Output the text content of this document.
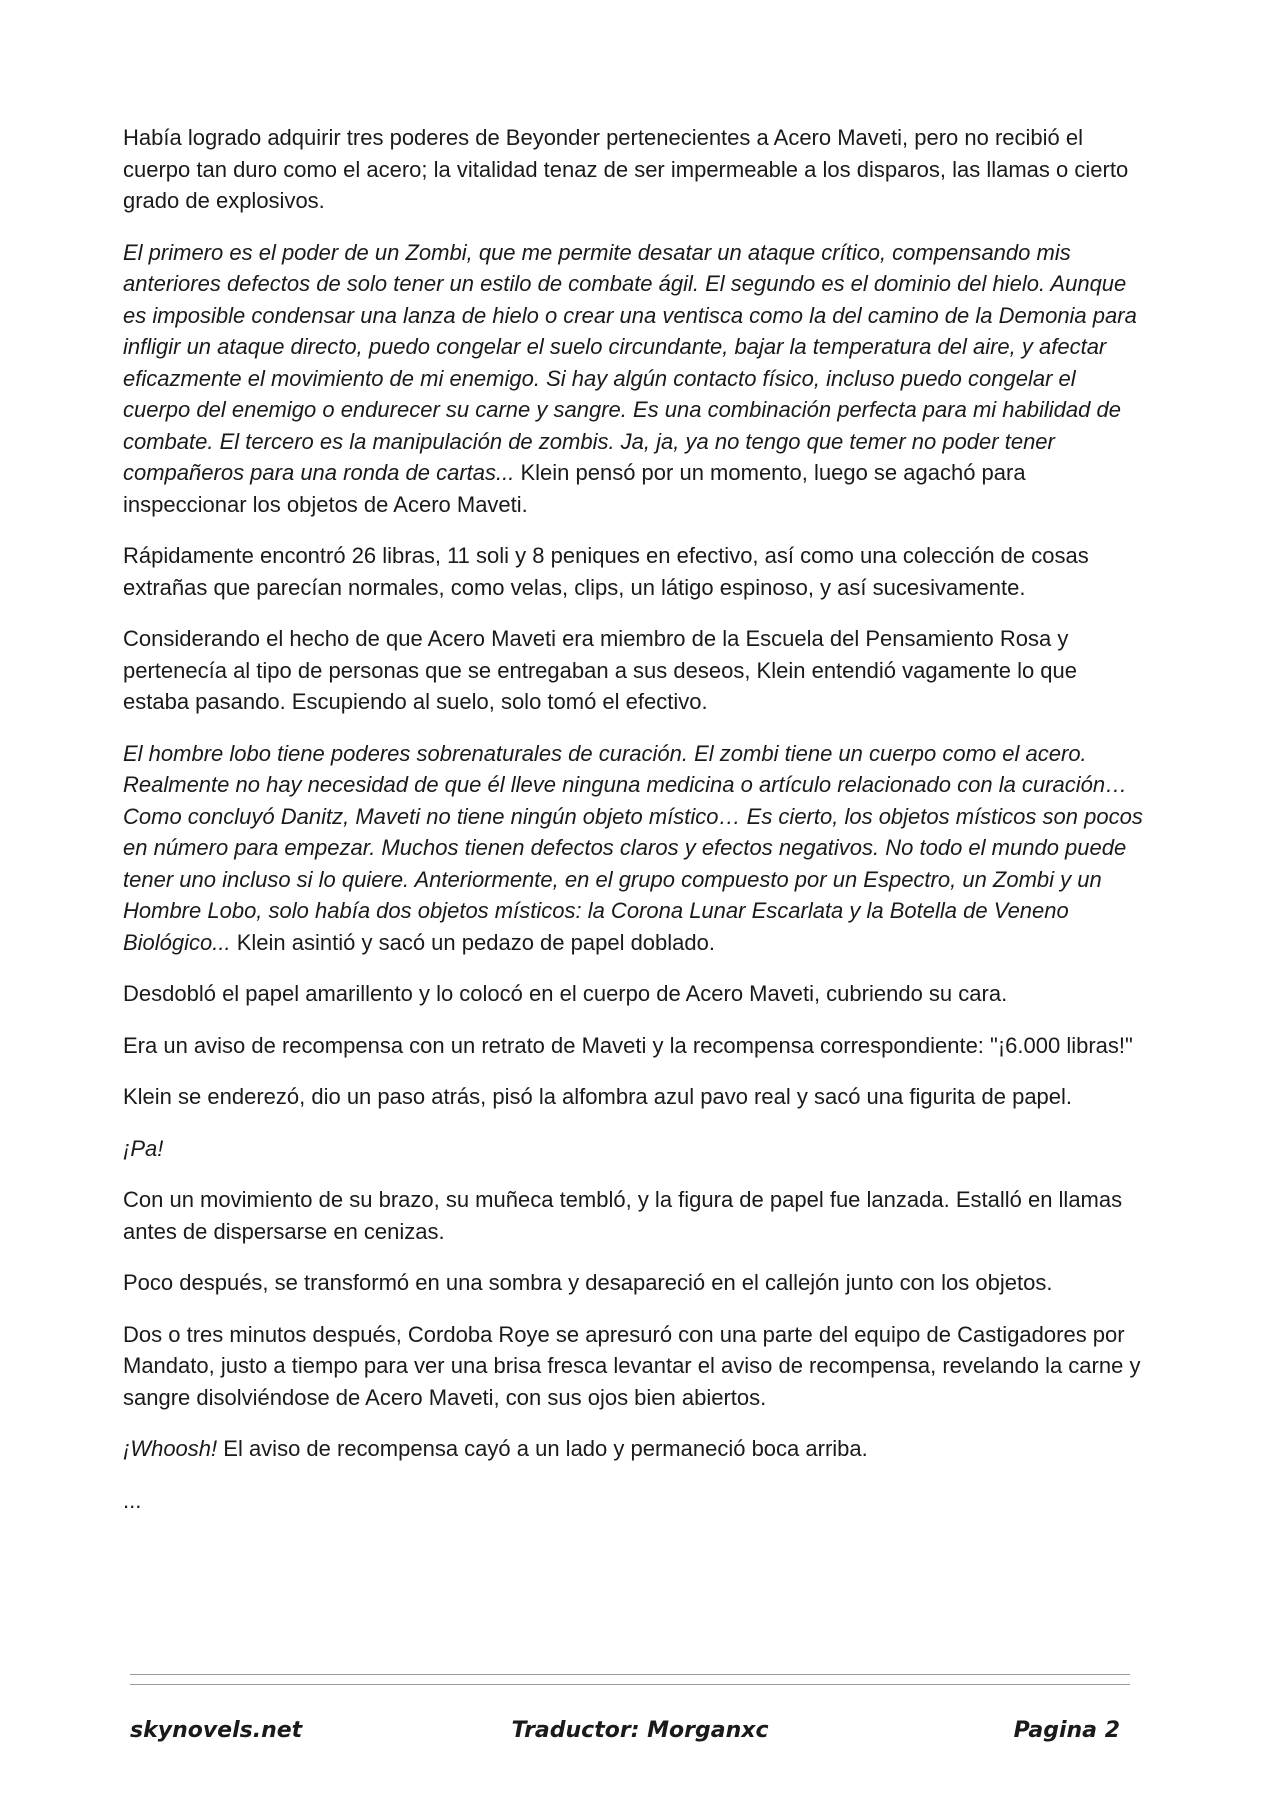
Había logrado adquirir tres poderes de Beyonder pertenecientes a Acero Maveti, pero no recibió el cuerpo tan duro como el acero; la vitalidad tenaz de ser impermeable a los disparos, las llamas o cierto grado de explosivos.

El primero es el poder de un Zombi, que me permite desatar un ataque crítico, compensando mis anteriores defectos de solo tener un estilo de combate ágil. El segundo es el dominio del hielo. Aunque es imposible condensar una lanza de hielo o crear una ventisca como la del camino de la Demonia para infligir un ataque directo, puedo congelar el suelo circundante, bajar la temperatura del aire, y afectar eficazmente el movimiento de mi enemigo. Si hay algún contacto físico, incluso puedo congelar el cuerpo del enemigo o endurecer su carne y sangre. Es una combinación perfecta para mi habilidad de combate. El tercero es la manipulación de zombis. Ja, ja, ya no tengo que temer no poder tener compañeros para una ronda de cartas... Klein pensó por un momento, luego se agachó para inspeccionar los objetos de Acero Maveti.

Rápidamente encontró 26 libras, 11 soli y 8 peniques en efectivo, así como una colección de cosas extrañas que parecían normales, como velas, clips, un látigo espinoso, y así sucesivamente.

Considerando el hecho de que Acero Maveti era miembro de la Escuela del Pensamiento Rosa y pertenecía al tipo de personas que se entregaban a sus deseos, Klein entendió vagamente lo que estaba pasando. Escupiendo al suelo, solo tomó el efectivo.

El hombre lobo tiene poderes sobrenaturales de curación. El zombi tiene un cuerpo como el acero. Realmente no hay necesidad de que él lleve ninguna medicina o artículo relacionado con la curación… Como concluyó Danitz, Maveti no tiene ningún objeto místico… Es cierto, los objetos místicos son pocos en número para empezar. Muchos tienen defectos claros y efectos negativos. No todo el mundo puede tener uno incluso si lo quiere. Anteriormente, en el grupo compuesto por un Espectro, un Zombi y un Hombre Lobo, solo había dos objetos místicos: la Corona Lunar Escarlata y la Botella de Veneno Biológico... Klein asintió y sacó un pedazo de papel doblado.

Desdobló el papel amarillento y lo colocó en el cuerpo de Acero Maveti, cubriendo su cara.

Era un aviso de recompensa con un retrato de Maveti y la recompensa correspondiente: "¡6.000 libras!"

Klein se enderezó, dio un paso atrás, pisó la alfombra azul pavo real y sacó una figurita de papel.

¡Pa!

Con un movimiento de su brazo, su muñeca tembló, y la figura de papel fue lanzada. Estalló en llamas antes de dispersarse en cenizas.

Poco después, se transformó en una sombra y desapareció en el callejón junto con los objetos.

Dos o tres minutos después, Cordoba Roye se apresuró con una parte del equipo de Castigadores por Mandato, justo a tiempo para ver una brisa fresca levantar el aviso de recompensa, revelando la carne y sangre disolviéndose de Acero Maveti, con sus ojos bien abiertos.

¡Whoosh! El aviso de recompensa cayó a un lado y permaneció boca arriba.

...

skynovels.net	Traductor: Morganxc	Pagina 2
